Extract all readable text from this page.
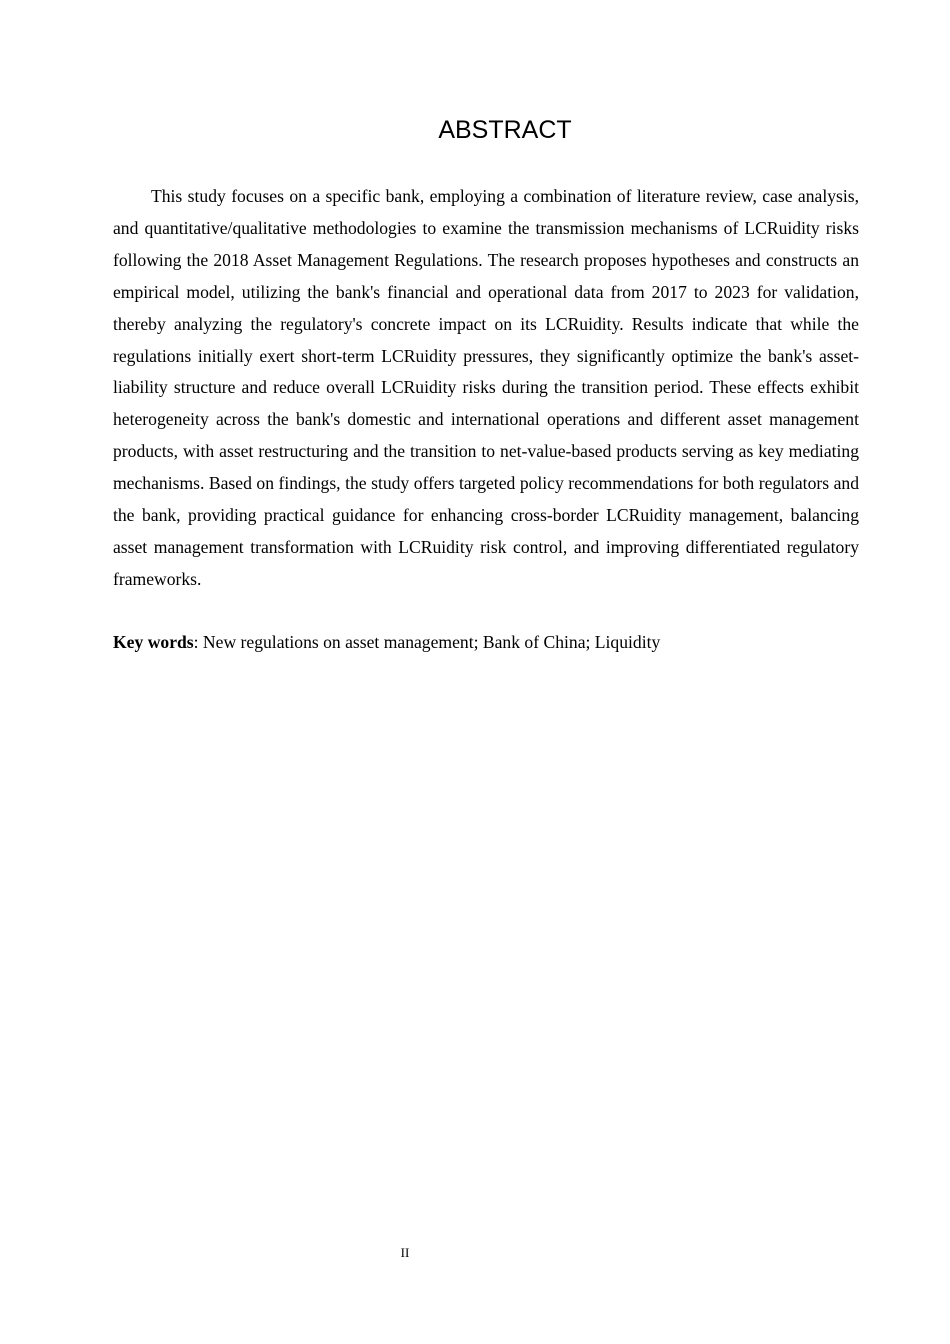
ABSTRACT

This study focuses on a specific bank, employing a combination of literature review, case analysis, and quantitative/qualitative methodologies to examine the transmission mechanisms of LCRuidity risks following the 2018 Asset Management Regulations. The research proposes hypotheses and constructs an empirical model, utilizing the bank's financial and operational data from 2017 to 2023 for validation, thereby analyzing the regulatory's concrete impact on its LCRuidity. Results indicate that while the regulations initially exert short-term LCRuidity pressures, they significantly optimize the bank's asset-liability structure and reduce overall LCRuidity risks during the transition period. These effects exhibit heterogeneity across the bank's domestic and international operations and different asset management products, with asset restructuring and the transition to net-value-based products serving as key mediating mechanisms. Based on findings, the study offers targeted policy recommendations for both regulators and the bank, providing practical guidance for enhancing cross-border LCRuidity management, balancing asset management transformation with LCRuidity risk control, and improving differentiated regulatory frameworks.

Key words: New regulations on asset management; Bank of China; Liquidity

II
